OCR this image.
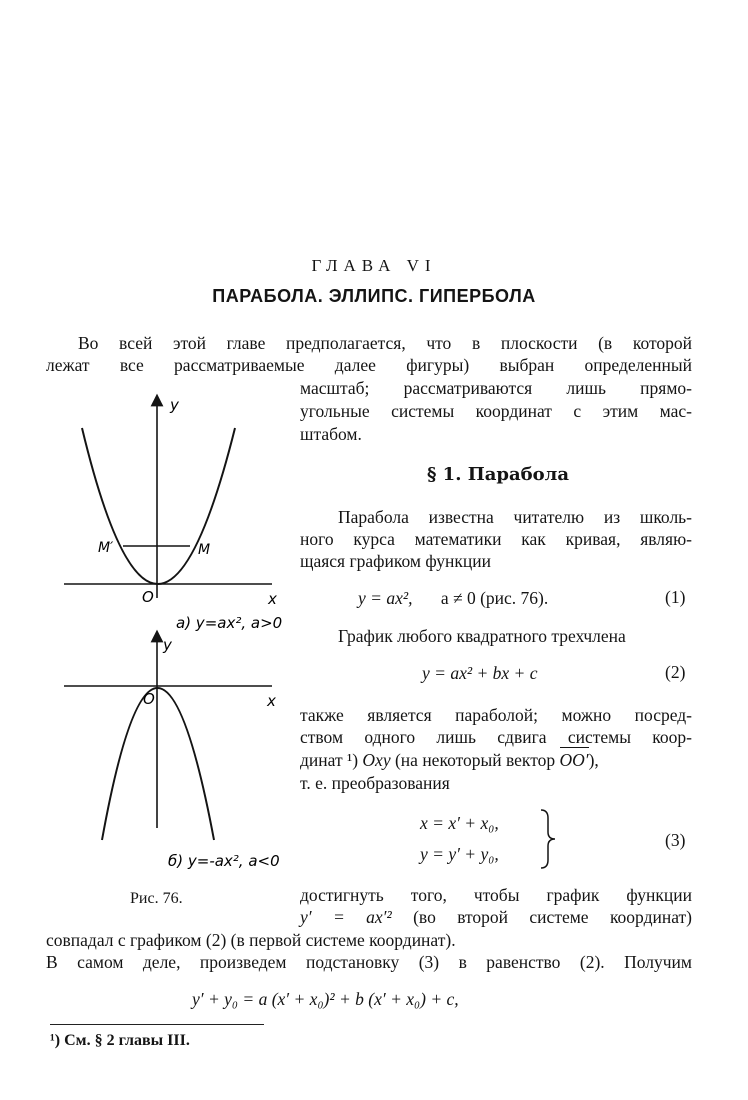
ГЛАВА VI
ПАРАБОЛА. ЭЛЛИПС. ГИПЕРБОЛА
Во всей этой главе предполагается, что в плоскости (в которой
лежат все рассматриваемые далее фигуры) выбран определенный
масштаб; рассматриваются лишь прямо-
угольные системы координат с этим мас-
штабом.
§ 1. Парабола
Парабола известна читателю из школь-
ного курса математики как кривая, являю-
щаяся графиком функции
y = ax², a ≠ 0 (рис. 76).	(1)
График любого квадратного трехчлена
y = ax² + bx + c	(2)
также является параболой; можно посред-
ством одного лишь сдвига системы коор-
динат ¹) Oxy (на некоторый вектор
OO′),
т. е. преобразования
x = x′ + x₀,
y = y′ + y₀,
(3)
достигнуть того, чтобы график функции
y′ = ax′² (во второй системе координат)
совпадал с графиком (2) (в первой системе координат).
В самом деле, произведем подстановку (3) в равенство (2). Получим
y′ + y₀ = a (x′ + x₀)² + b (x′ + x₀) + c,
¹) См. § 2 главы III.
y
x
O
M′	M
а) y=ax², a>0
y
x
O
б) y=-ax², a<0
Рис. 76.
